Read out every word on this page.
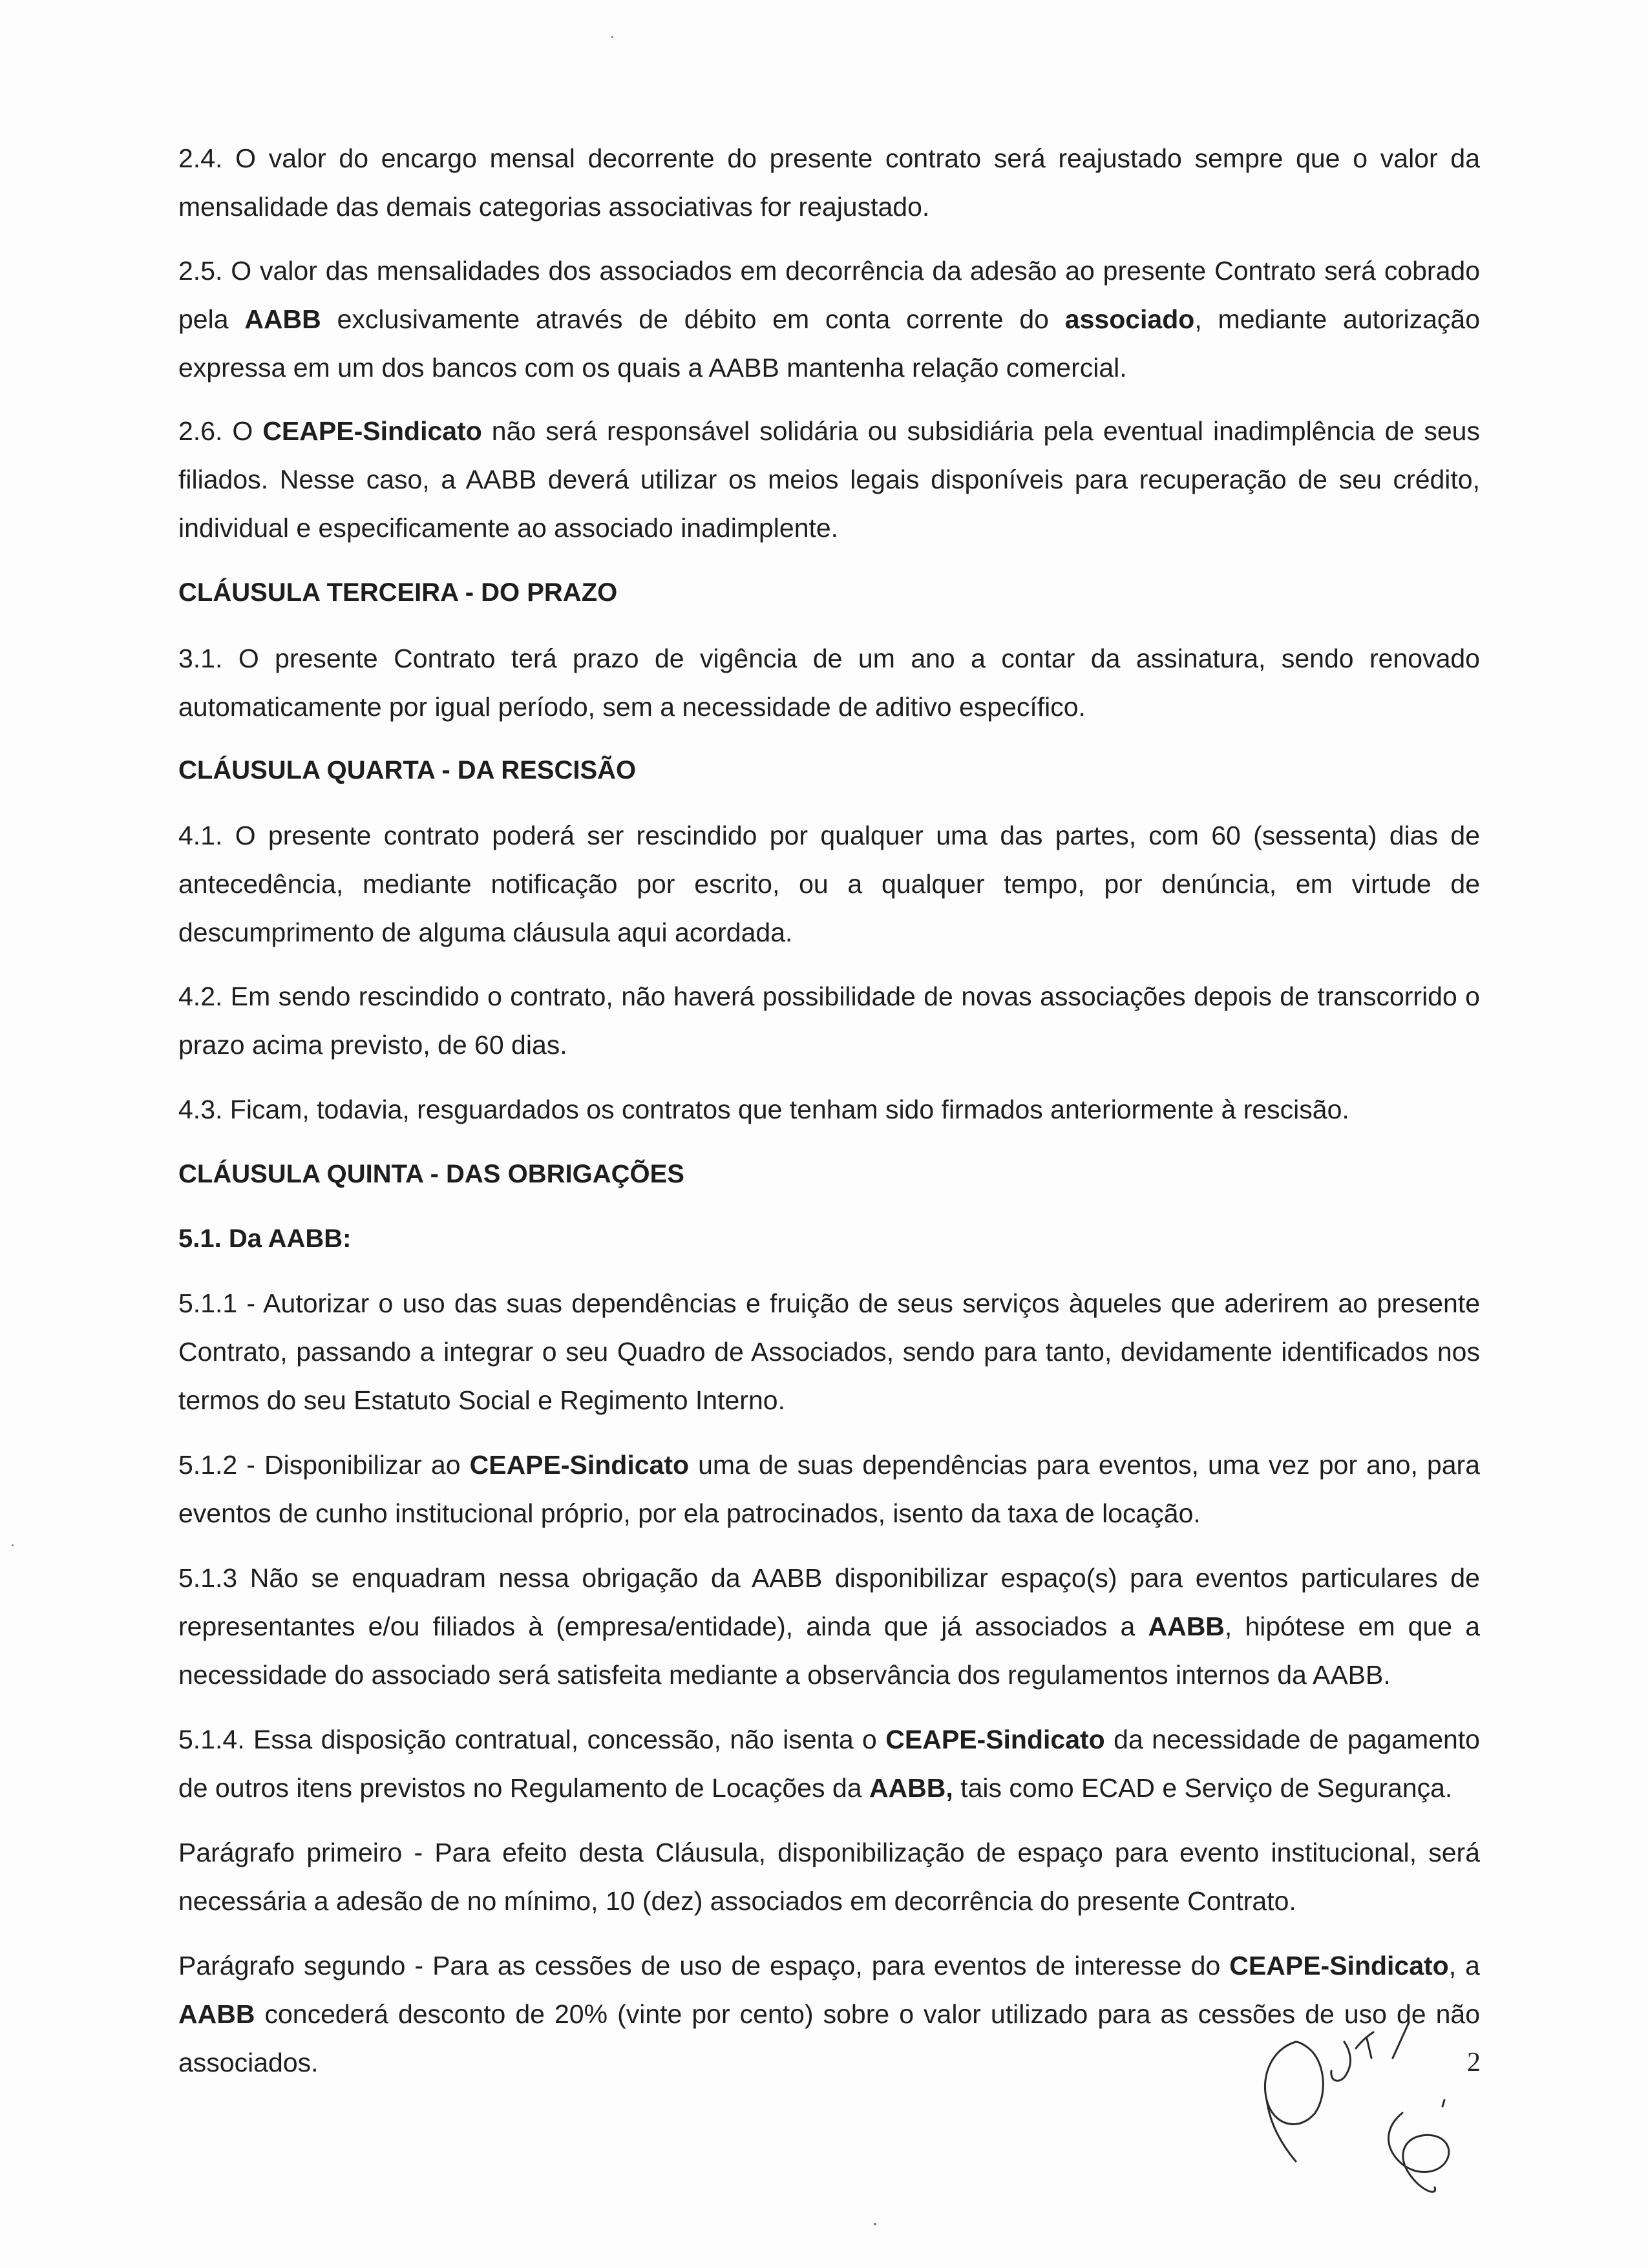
2.4. O valor do encargo mensal decorrente do presente contrato será reajustado sempre que o valor da mensalidade das demais categorias associativas for reajustado.

2.5. O valor das mensalidades dos associados em decorrência da adesão ao presente Contrato será cobrado pela AABB exclusivamente através de débito em conta corrente do associado, mediante autorização expressa em um dos bancos com os quais a AABB mantenha relação comercial.

2.6. O CEAPE-Sindicato não será responsável solidária ou subsidiária pela eventual inadimplência de seus filiados. Nesse caso, a AABB deverá utilizar os meios legais disponíveis para recuperação de seu crédito, individual e especificamente ao associado inadimplente.

CLÁUSULA TERCEIRA - DO PRAZO

3.1. O presente Contrato terá prazo de vigência de um ano a contar da assinatura, sendo renovado automaticamente por igual período, sem a necessidade de aditivo específico.

CLÁUSULA QUARTA - DA RESCISÃO

4.1. O presente contrato poderá ser rescindido por qualquer uma das partes, com 60 (sessenta) dias de antecedência, mediante notificação por escrito, ou a qualquer tempo, por denúncia, em virtude de descumprimento de alguma cláusula aqui acordada.

4.2. Em sendo rescindido o contrato, não haverá possibilidade de novas associações depois de transcorrido o prazo acima previsto, de 60 dias.

4.3. Ficam, todavia, resguardados os contratos que tenham sido firmados anteriormente à rescisão.

CLÁUSULA QUINTA - DAS OBRIGAÇÕES

5.1. Da AABB:

5.1.1 - Autorizar o uso das suas dependências e fruição de seus serviços àqueles que aderirem ao presente Contrato, passando a integrar o seu Quadro de Associados, sendo para tanto, devidamente identificados nos termos do seu Estatuto Social e Regimento Interno.

5.1.2 - Disponibilizar ao CEAPE-Sindicato uma de suas dependências para eventos, uma vez por ano, para eventos de cunho institucional próprio, por ela patrocinados, isento da taxa de locação.

5.1.3 Não se enquadram nessa obrigação da AABB disponibilizar espaço(s) para eventos particulares de representantes e/ou filiados à (empresa/entidade), ainda que já associados a AABB, hipótese em que a necessidade do associado será satisfeita mediante a observância dos regulamentos internos da AABB.

5.1.4. Essa disposição contratual, concessão, não isenta o CEAPE-Sindicato da necessidade de pagamento de outros itens previstos no Regulamento de Locações da AABB, tais como ECAD e Serviço de Segurança.

Parágrafo primeiro - Para efeito desta Cláusula, disponibilização de espaço para evento institucional, será necessária a adesão de no mínimo, 10 (dez) associados em decorrência do presente Contrato.

Parágrafo segundo - Para as cessões de uso de espaço, para eventos de interesse do CEAPE-Sindicato, a AABB concederá desconto de 20% (vinte por cento) sobre o valor utilizado para as cessões de uso de não associados.	2
